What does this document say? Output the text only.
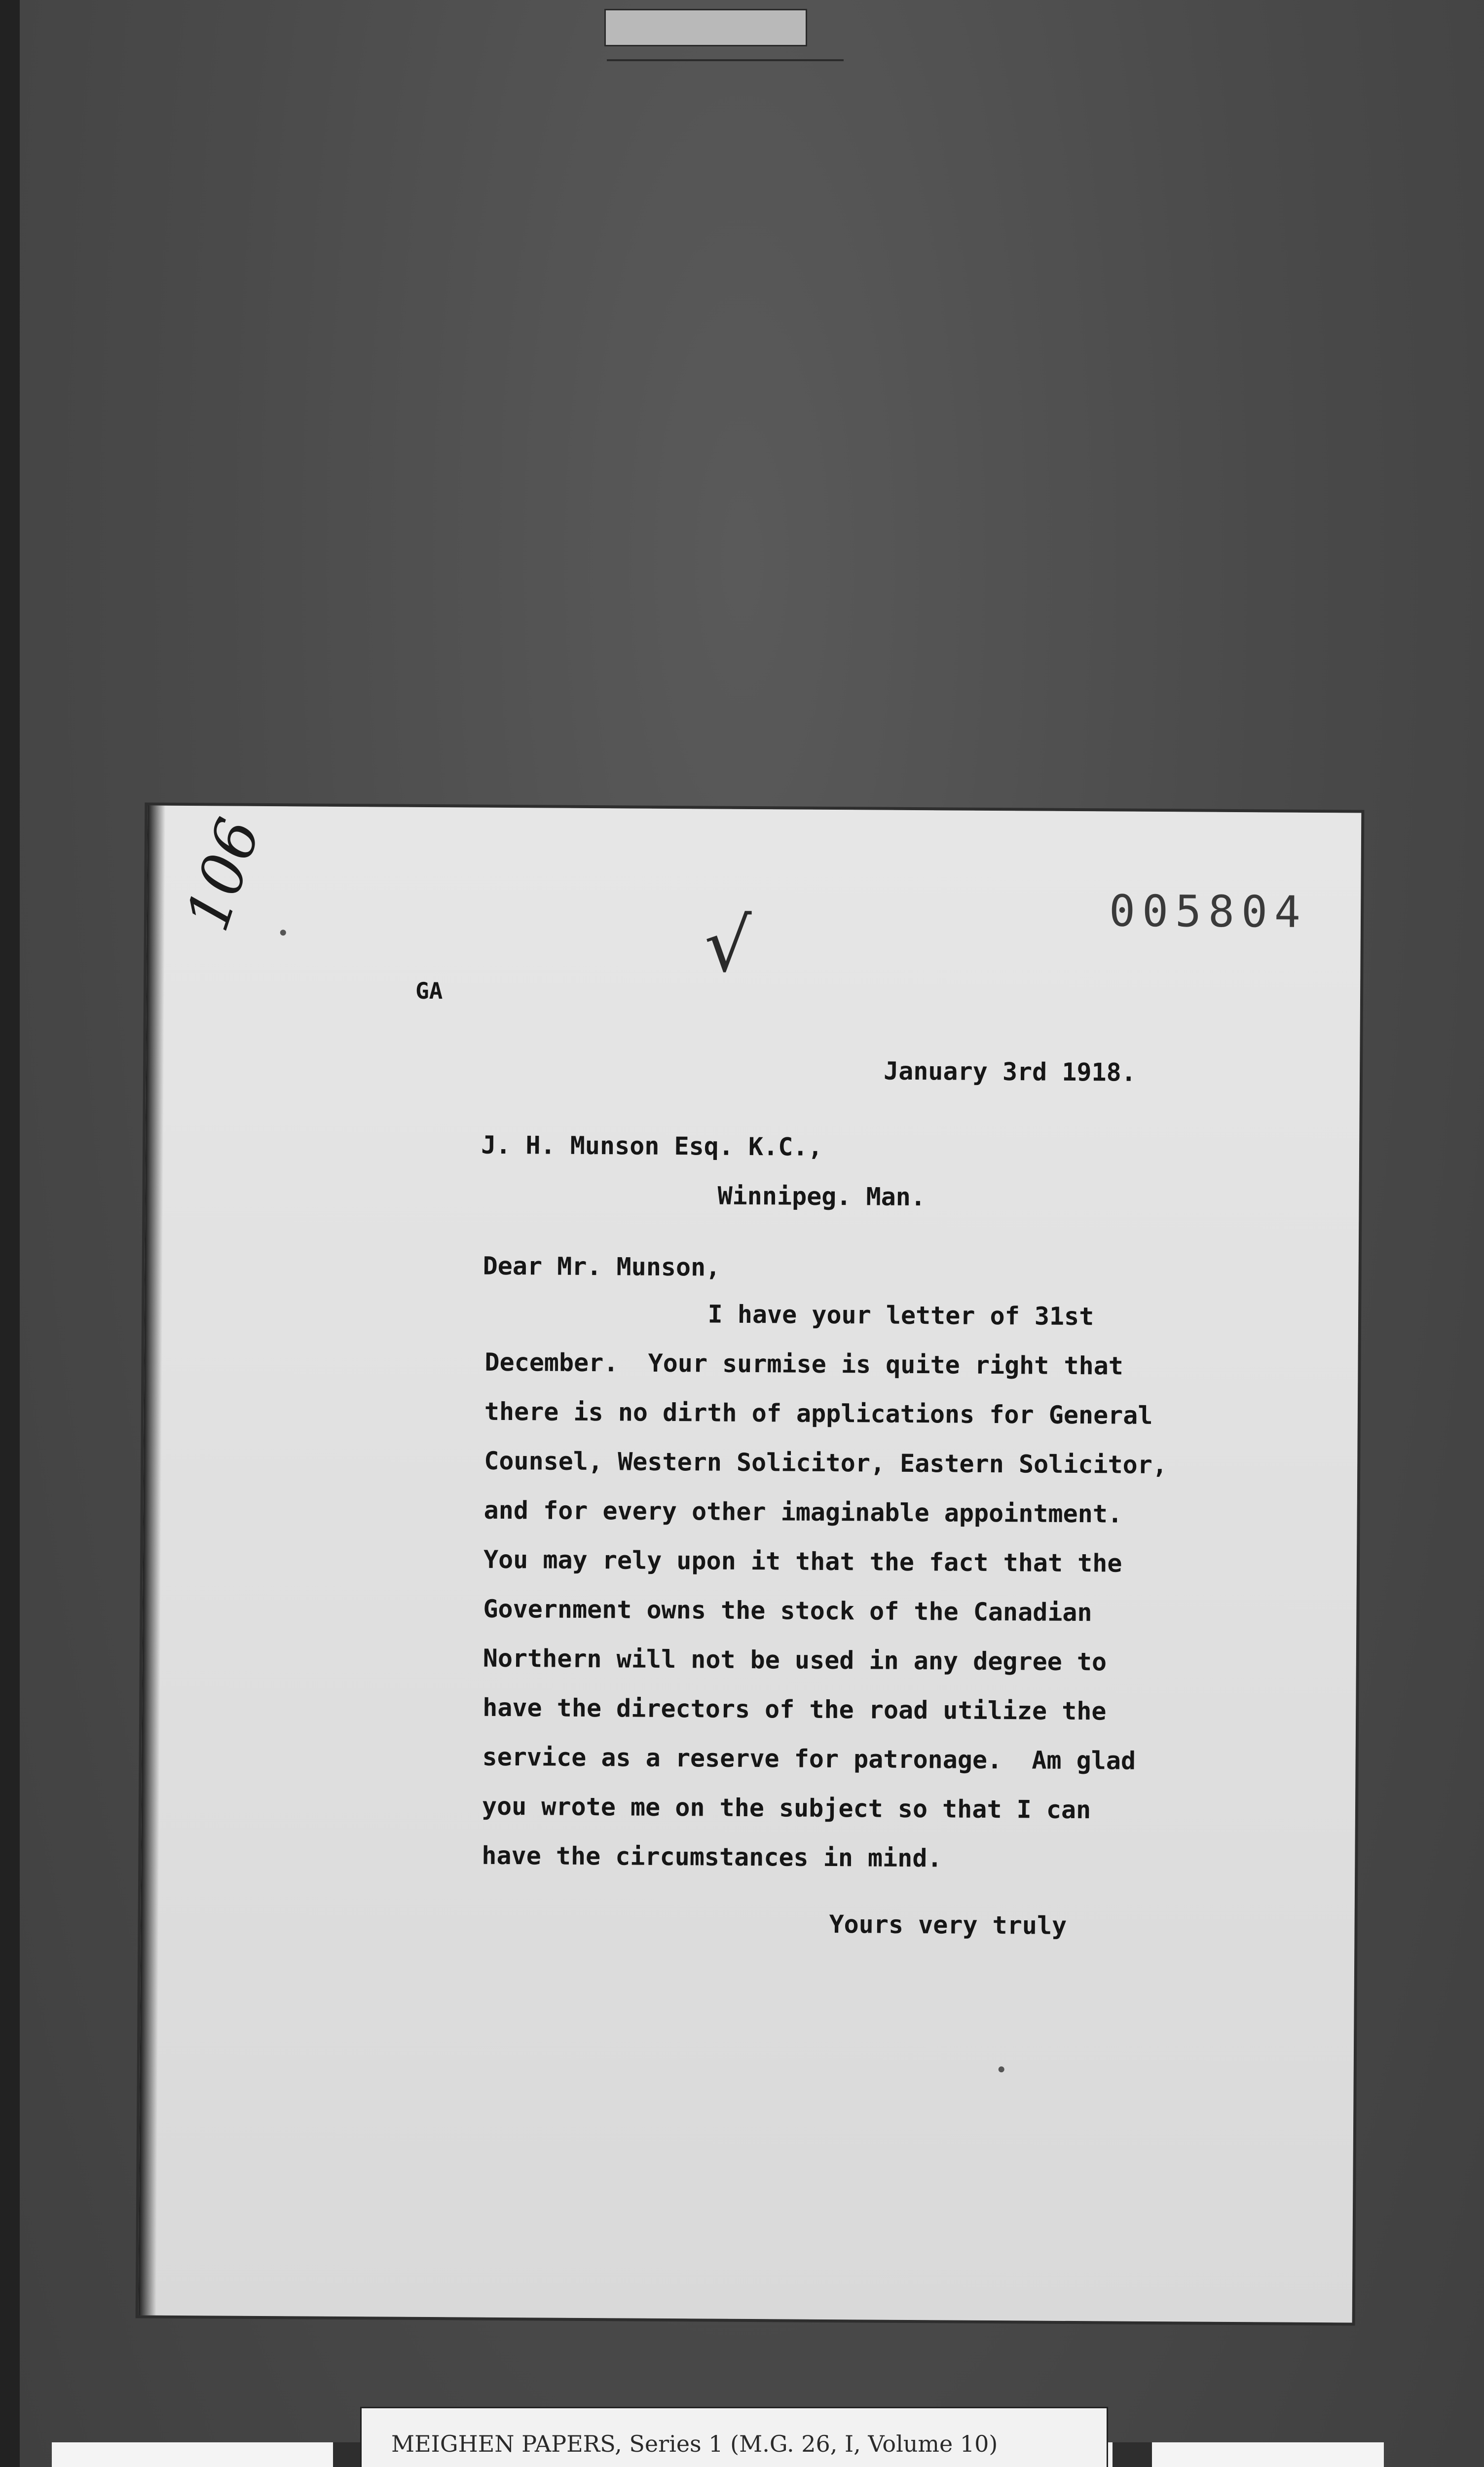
106
√	005804
GA
January 3rd 1918.
J. H. Munson Esq. K.C.,
Winnipeg. Man.
Dear Mr. Munson,
I have your letter of 31st
December.  Your surmise is quite right that
there is no dirth of applications for General
Counsel, Western Solicitor, Eastern Solicitor,
and for every other imaginable appointment.
You may rely upon it that the fact that the
Government owns the stock of the Canadian
Northern will not be used in any degree to
have the directors of the road utilize the
service as a reserve for patronage.  Am glad
you wrote me on the subject so that I can
have the circumstances in mind.
Yours very truly
MEIGHEN PAPERS, Series 1 (M.G. 26, I, Volume 10)
